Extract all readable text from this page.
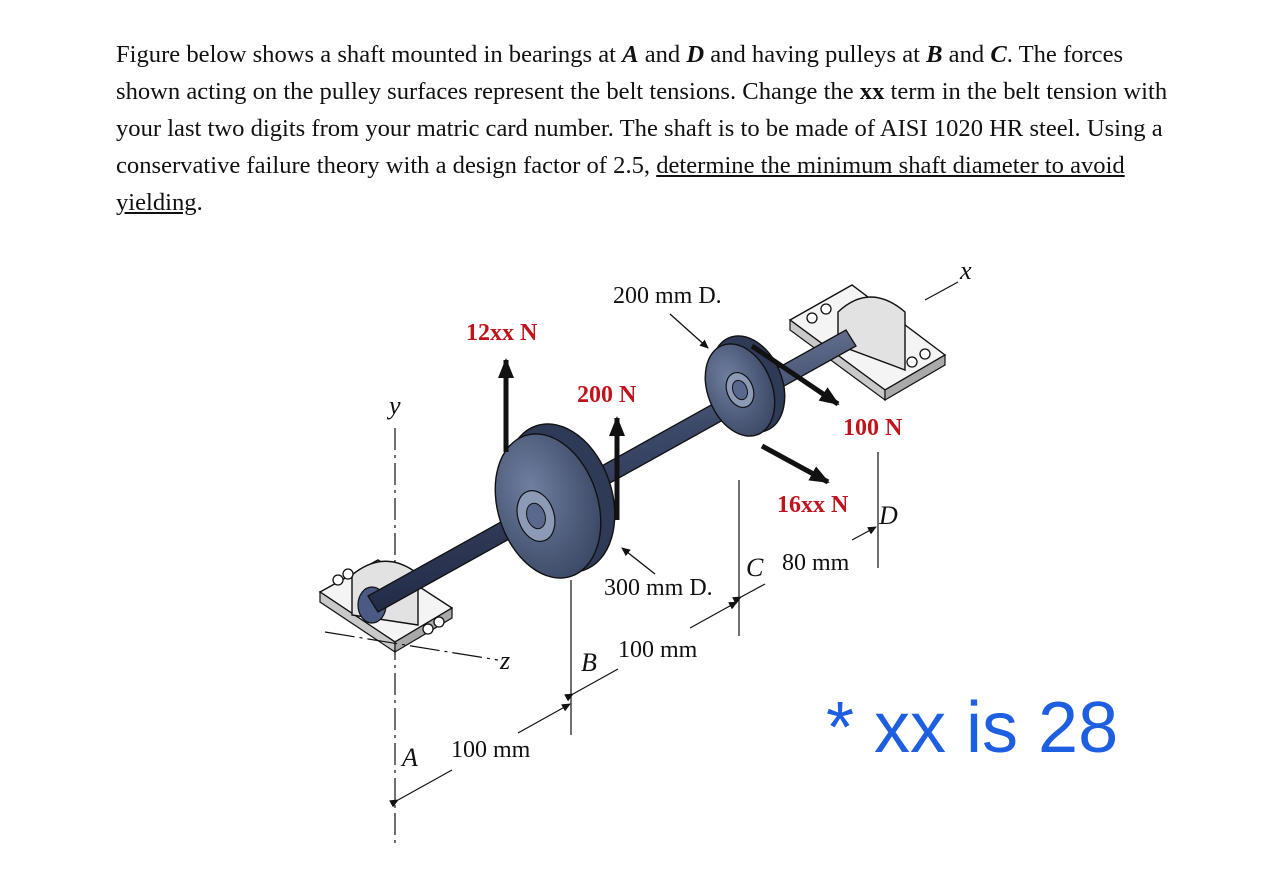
Figure below shows a shaft mounted in bearings at A and D and having pulleys at B and C. The forces shown acting on the pulley surfaces represent the belt tensions. Change the xx term in the belt tension with your last two digits from your matric card number. The shaft is to be made of AISI 1020 HR steel. Using a conservative failure theory with a design factor of 2.5, determine the minimum shaft diameter to avoid yielding.
y
x
z
12xx N
200 N
100 N
16xx N
200 mm D.
300 mm D.
100 mm
A
100 mm
B
80 mm
C
D
* xx is 28
